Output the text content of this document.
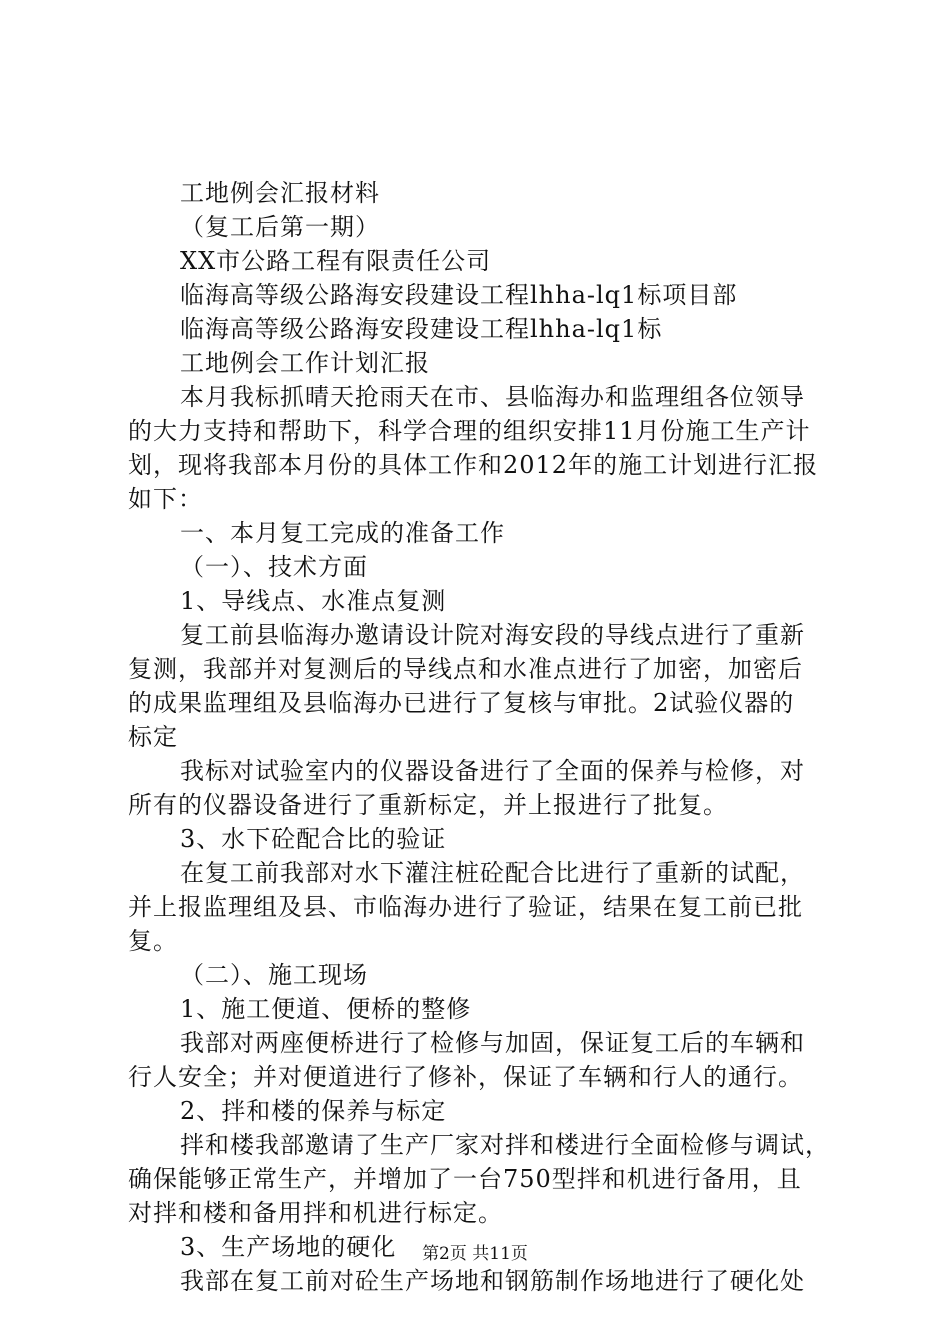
工地例会汇报材料
（复工后第一期）
XX市公路工程有限责任公司
临海高等级公路海安段建设工程lhha-lq1标项目部
临海高等级公路海安段建设工程lhha-lq1标
工地例会工作计划汇报
本月我标抓晴天抢雨天在市、县临海办和监理组各位领导
的大力支持和帮助下，科学合理的组织安排11月份施工生产计
划，现将我部本月份的具体工作和2012年的施工计划进行汇报
如下：
一、本月复工完成的准备工作
（一）、技术方面
1、导线点、水准点复测
复工前县临海办邀请设计院对海安段的导线点进行了重新
复测，我部并对复测后的导线点和水准点进行了加密，加密后
的成果监理组及县临海办已进行了复核与审批。2试验仪器的
标定
我标对试验室内的仪器设备进行了全面的保养与检修，对
所有的仪器设备进行了重新标定，并上报进行了批复。
3、水下砼配合比的验证
在复工前我部对水下灌注桩砼配合比进行了重新的试配，
并上报监理组及县、市临海办进行了验证，结果在复工前已批
复。
（二）、施工现场
1、施工便道、便桥的整修
我部对两座便桥进行了检修与加固，保证复工后的车辆和
行人安全；并对便道进行了修补，保证了车辆和行人的通行。
2、拌和楼的保养与标定
拌和楼我部邀请了生产厂家对拌和楼进行全面检修与调试，
确保能够正常生产，并增加了一台750型拌和机进行备用，且
对拌和楼和备用拌和机进行标定。
3、生产场地的硬化
我部在复工前对砼生产场地和钢筋制作场地进行了硬化处
第2页 共11页
